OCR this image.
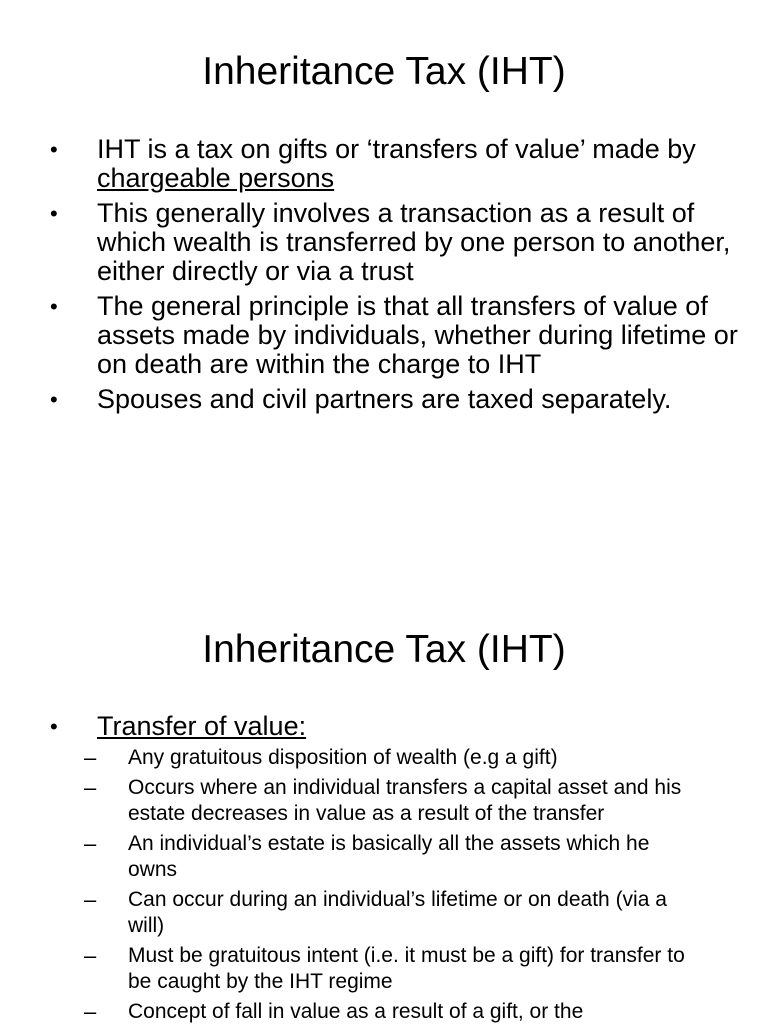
Inheritance Tax (IHT)
• IHT is a tax on gifts or ‘transfers of value’ made by chargeable persons
• This generally involves a transaction as a result of which wealth is transferred by one person to another, either directly or via a trust
• The general principle is that all transfers of value of assets made by individuals, whether during lifetime or on death are within the charge to IHT
• Spouses and civil partners are taxed separately.
Inheritance Tax (IHT)
• Transfer of value:
– Any gratuitous disposition of wealth (e.g a gift)
– Occurs where an individual transfers a capital asset and his estate decreases in value as a result of the transfer
– An individual’s estate is basically all the assets which he owns
– Can occur during an individual’s lifetime or on death (via a will)
– Must be gratuitous intent (i.e. it must be a gift) for transfer to be caught by the IHT regime
– Concept of fall in value as a result of a gift, or the
